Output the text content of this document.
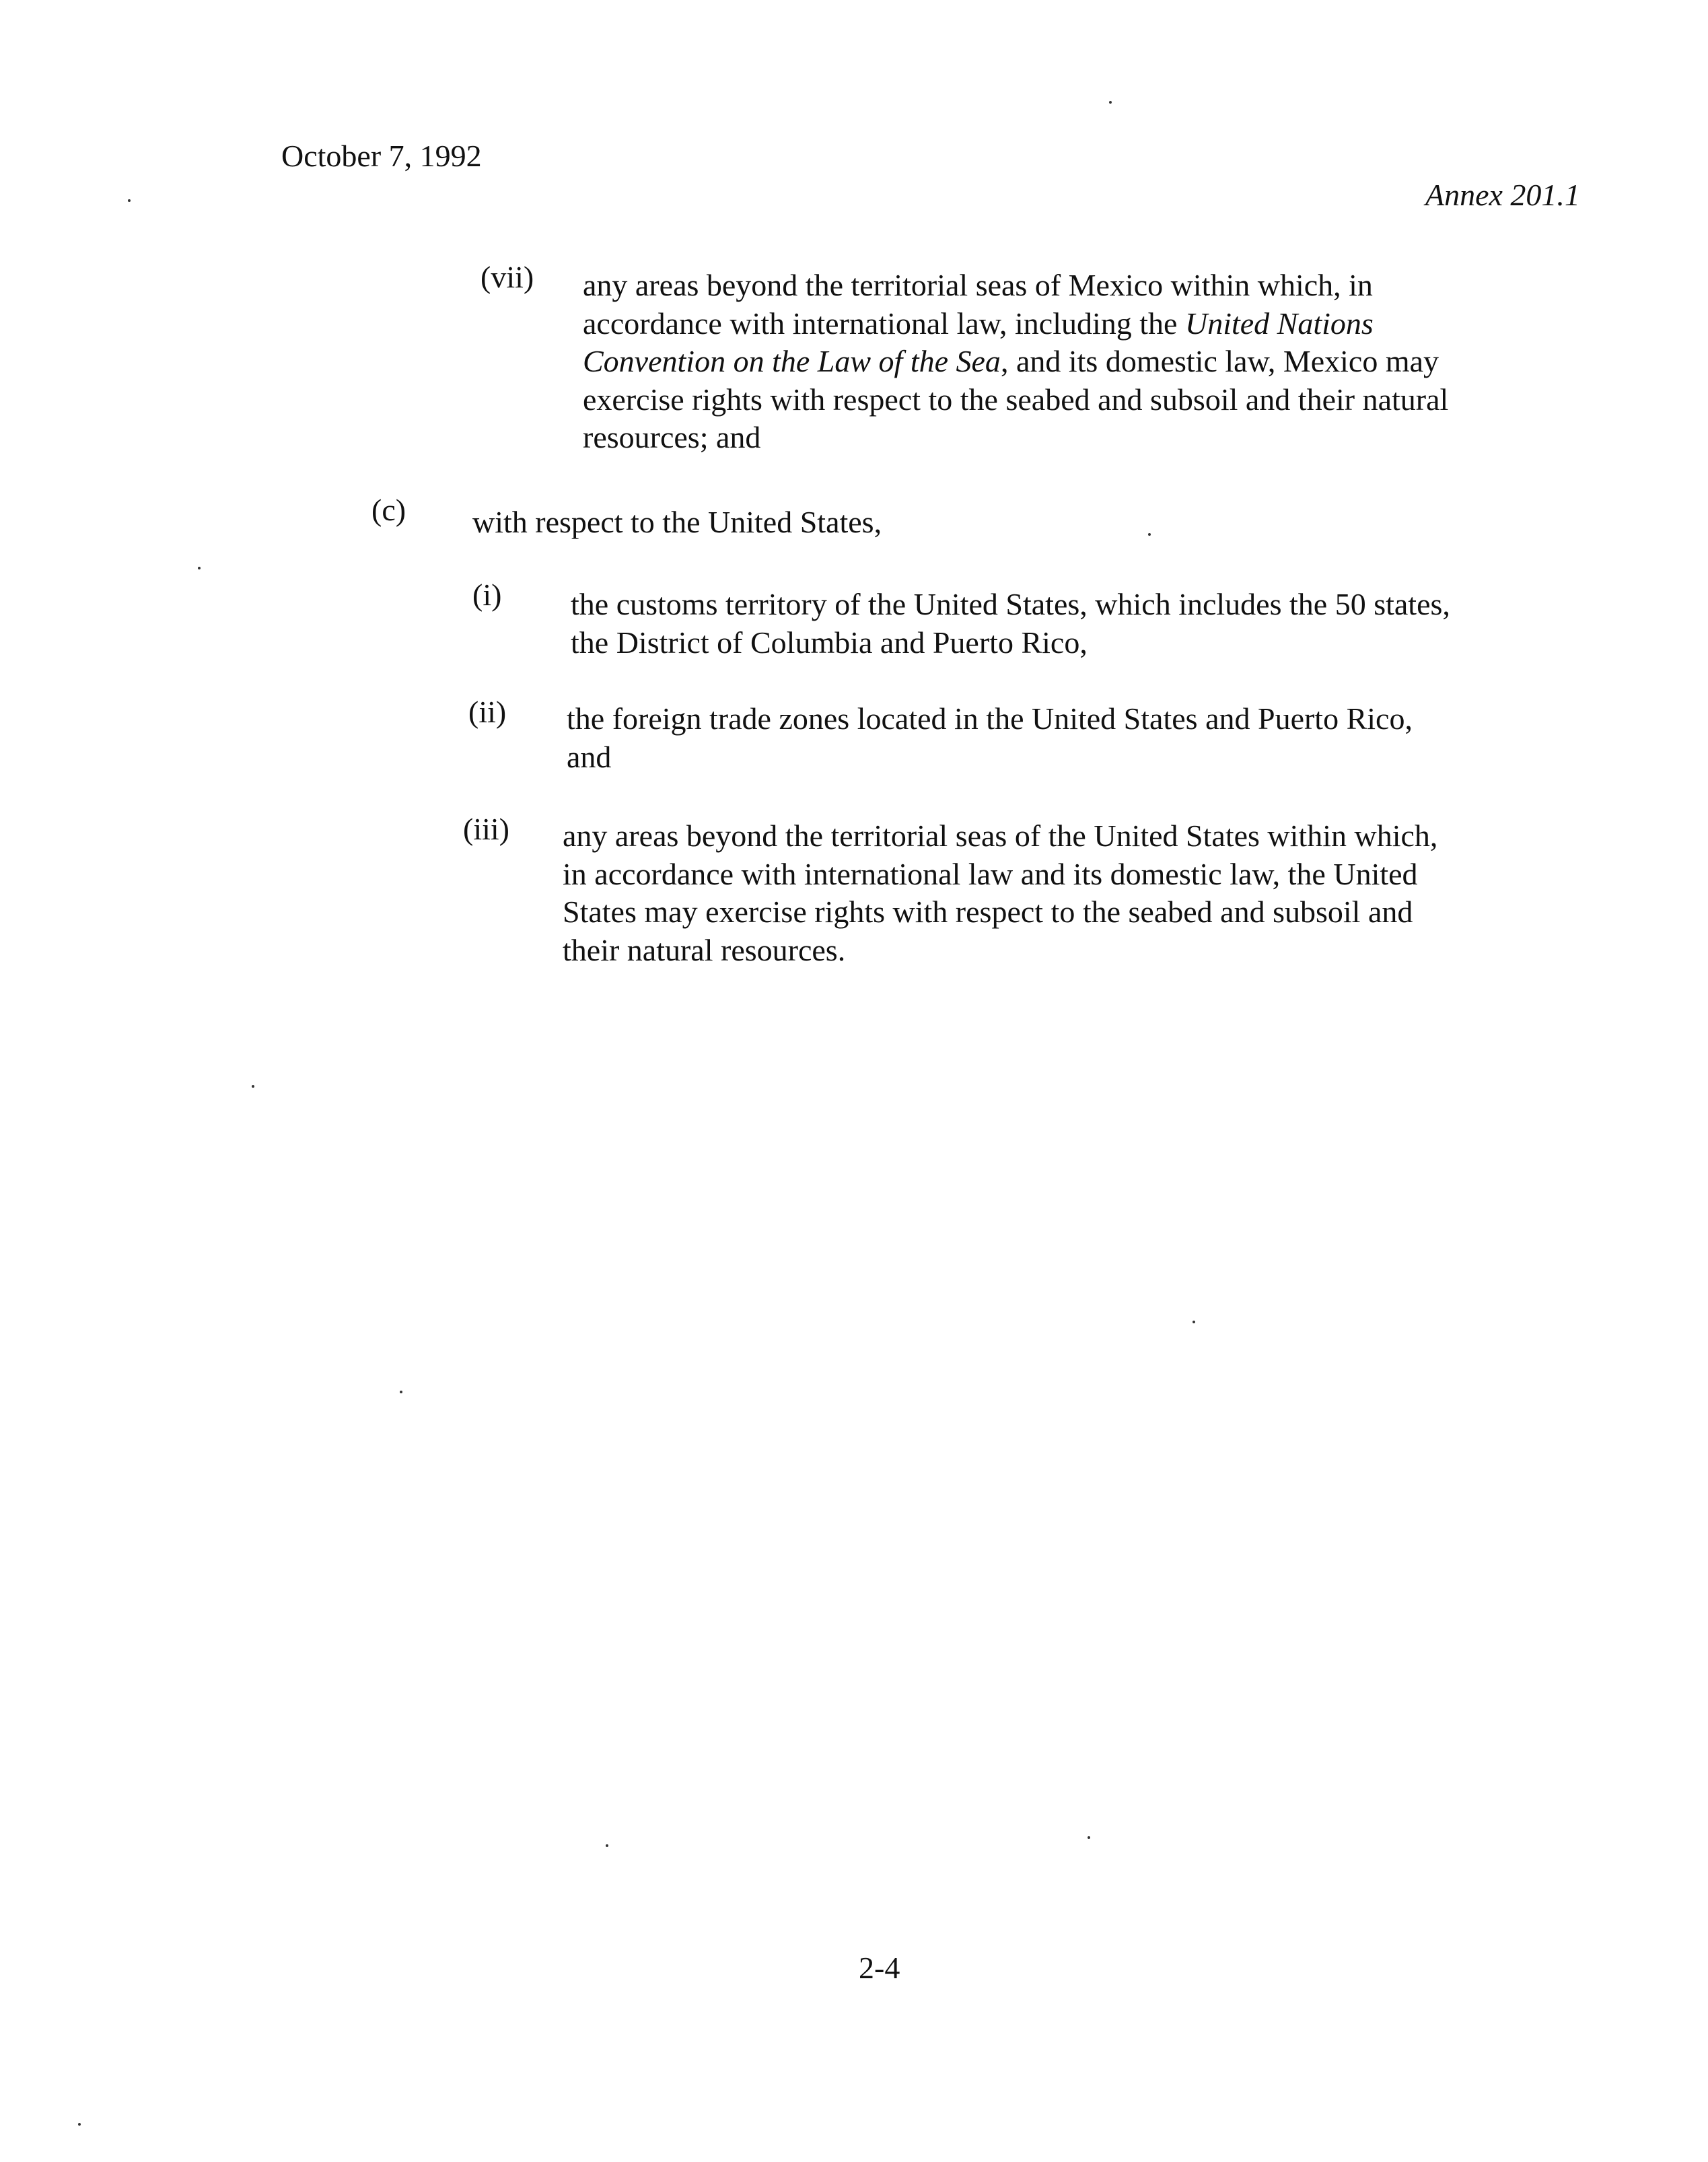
October 7, 1992
Annex 201.1
(vii) any areas beyond the territorial seas of Mexico within which, in
accordance with international law, including the United Nations
Convention on the Law of the Sea, and its domestic law, Mexico may
exercise rights with respect to the seabed and subsoil and their natural
resources; and
(c) with respect to the United States,
(i) the customs territory of the United States, which includes the 50 states,
the District of Columbia and Puerto Rico,
(ii) the foreign trade zones located in the United States and Puerto Rico,
and
(iii) any areas beyond the territorial seas of the United States within which,
in accordance with international law and its domestic law, the United
States may exercise rights with respect to the seabed and subsoil and
their natural resources.
2-4
